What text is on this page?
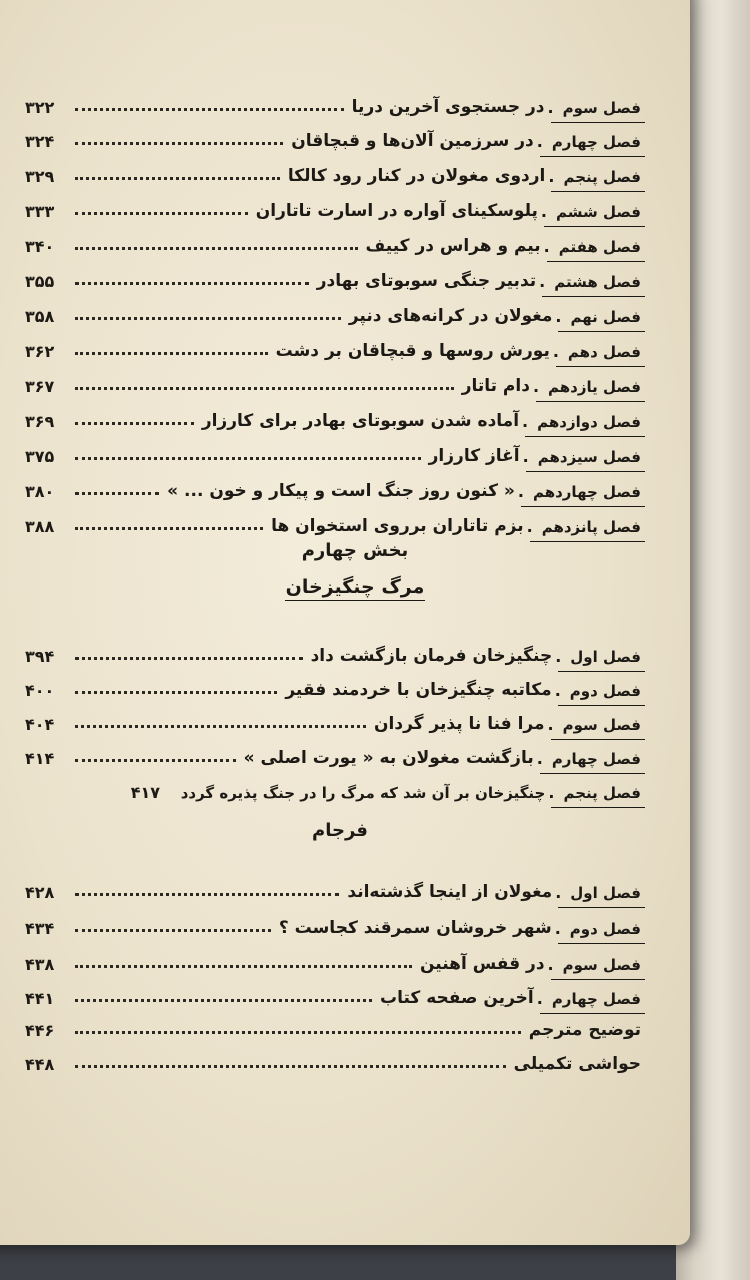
فصل سوم
.
در جستجوی آخرین دریا
۳۲۲
فصل چهارم
.
در سرزمین آلان‌ها و قبچاقان
۳۲۴
فصل پنجم
.
اردوی مغولان در کنار رود کالکا
۳۲۹
فصل ششم
.
پلوسکینای آواره در اسارت تاتاران
۳۳۳
فصل هفتم
.
بیم و هراس در کییف
۳۴۰
فصل هشتم
.
تدبیر جنگی سوبوتای بهادر
۳۵۵
فصل نهم
.
مغولان در کرانه‌های دنپر
۳۵۸
فصل دهم
.
یورش روسها و قبچاقان بر دشت
۳۶۲
فصل یازدهم
.
دام تاتار
۳۶۷
فصل دوازدهم
.
آماده شدن سوبوتای بهادر برای کارزار
۳۶۹
فصل سیزدهم
.
آغاز کارزار
۳۷۵
فصل چهاردهم
.
« کنون روز جنگ است و پیکار و خون ... »
۳۸۰
فصل پانزدهم
.
بزم تاتاران برروی استخوان ها
۳۸۸
بخش چهارم
مرگ چنگیزخان
فصل اول
.
چنگیزخان فرمان بازگشت داد
۳۹۴
فصل دوم
.
مکاتبه چنگیزخان با خردمند فقیر
۴۰۰
فصل سوم
.
مرا فنا نا پذیر گردان
۴۰۴
فصل چهارم
.
بازگشت مغولان به « یورت اصلی »
۴۱۴
فصل پنجم
.
چنگیزخان بر آن شد که مرگ را در جنگ پذیره گردد
۴۱۷
فرجام
فصل اول
.
مغولان از اینجا گذشته‌اند
۴۲۸
فصل دوم
.
شهر خروشان سمرقند کجاست ؟
۴۳۴
فصل سوم
.
در قفس آهنین
۴۳۸
فصل چهارم
.
آخرین صفحه کتاب
۴۴۱
توضیح مترجم
۴۴۶
حواشی تکمیلی
۴۴۸
